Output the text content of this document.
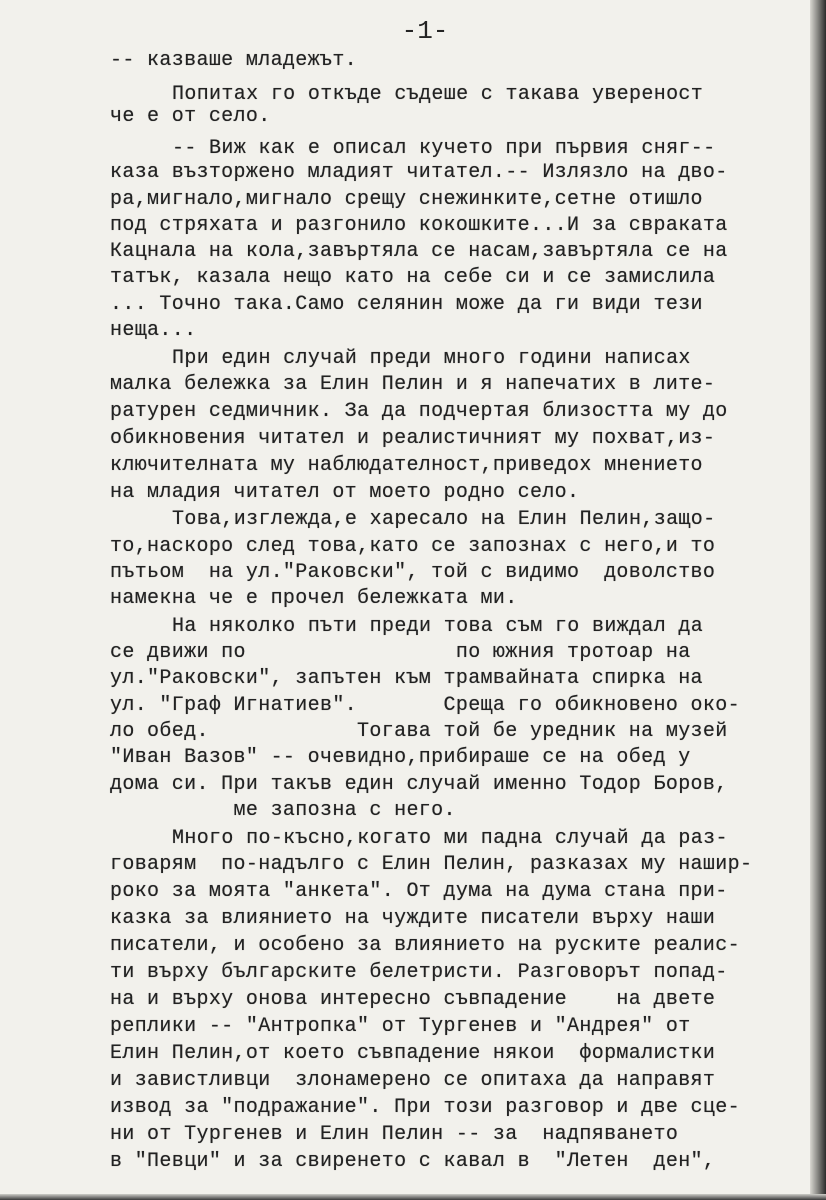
-1-
-- казваше младежът.
Попитах го откъде съдеше с такава увереност
че е от село.
-- Виж как е описал кучето при първия сняг--
каза възторжено младият читател.-- Излязло на дво-
ра,мигнало,мигнало срещу снежинките,сетне отишло
под стряхата и разгонило кокошките...И за свраката
Кацнала на кола,завъртяла се насам,завъртяла се на
татък, казала нещо като на себе си и се замислила
... Точно така.Само селянин може да ги види тези
неща...
При един случай преди много години написах
малка бележка за Елин Пелин и я напечатих в лите-
ратурен седмичник. За да подчертая близостта му до
обикновения читател и реалистичният му похват,из-
ключителната му наблюдателност,приведох мнението
на младия читател от моето родно село.
Това,изглежда,е харесало на Елин Пелин,защо-
то,наскоро след това,като се запознах с него,и то
пътьом  на ул."Раковски", той с видимо  доволство
намекна че е прочел бележката ми.
На няколко пъти преди това съм го виждал да
се движи по                 по южния тротоар на
ул."Раковски", запътен към трамвайната спирка на
ул. "Граф Игнатиев".       Среща го обикновено око-
ло обед.            Тогава той бе уредник на музей
"Иван Вазов" -- очевидно,прибираше се на обед у
дома си. При такъв един случай именно Тодор Боров,
ме запозна с него.
Много по-късно,когато ми падна случай да раз-
говарям  по-надълго с Елин Пелин, разказах му нашир-
роко за моята "анкета". От дума на дума стана при-
казка за влиянието на чуждите писатели върху наши
писатели, и особено за влиянието на руските реалис-
ти върху българските белетристи. Разговорът попад-
на и върху онова интересно съвпадение    на двете
реплики -- "Антропка" от Тургенев и "Андрея" от
Елин Пелин,от което съвпадение някои  формалистки
и завистливци  злонамерено се опитаха да направят
извод за "подражание". При този разговор и две сце-
ни от Тургенев и Елин Пелин -- за  надпяването
в "Певци" и за свиренето с кавал в  "Летен  ден",
